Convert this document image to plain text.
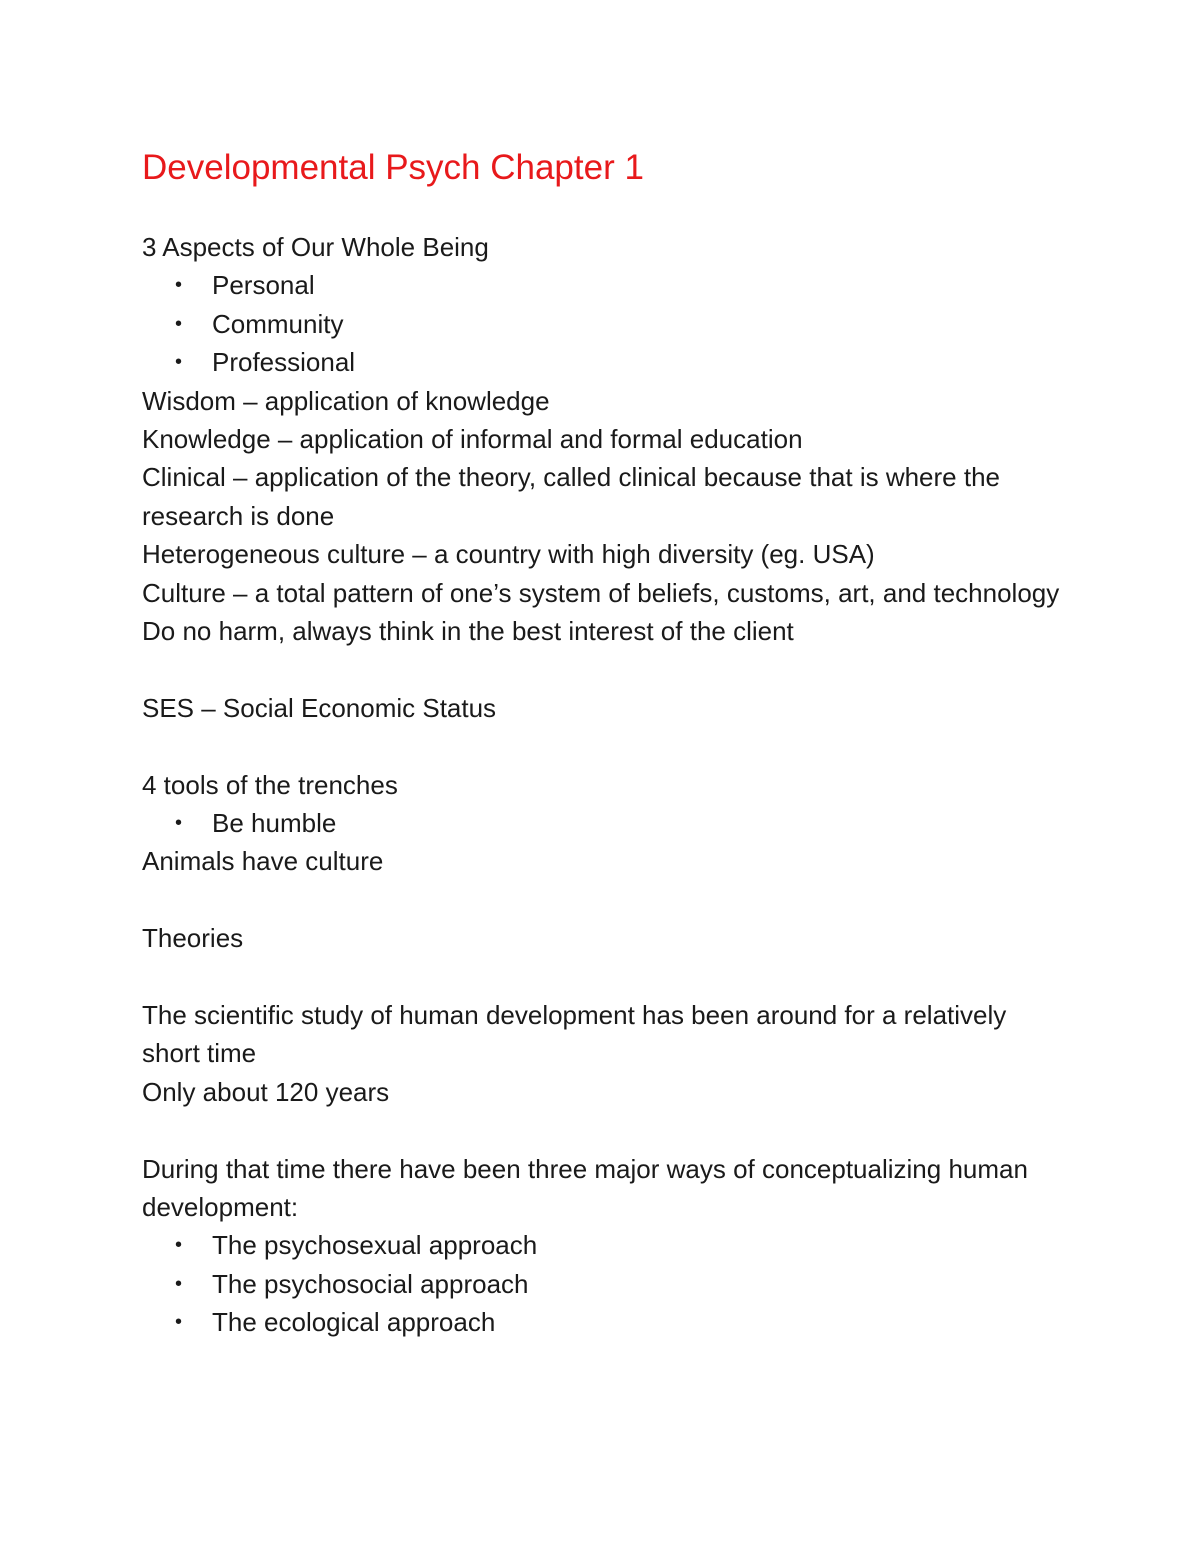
Developmental Psych Chapter 1

3 Aspects of Our Whole Being

• Personal
• Community
• Professional

Wisdom – application of knowledge

Knowledge – application of informal and formal education

Clinical – application of the theory, called clinical because that is where the research is done

Heterogeneous culture – a country with high diversity (eg. USA)

Culture – a total pattern of one’s system of beliefs, customs, art, and technology

Do no harm, always think in the best interest of the client

SES – Social Economic Status

4 tools of the trenches

• Be humble

Animals have culture

Theories

The scientific study of human development has been around for a relatively short time

Only about 120 years

During that time there have been three major ways of conceptualizing human development:

• The psychosexual approach
• The psychosocial approach
• The ecological approach
